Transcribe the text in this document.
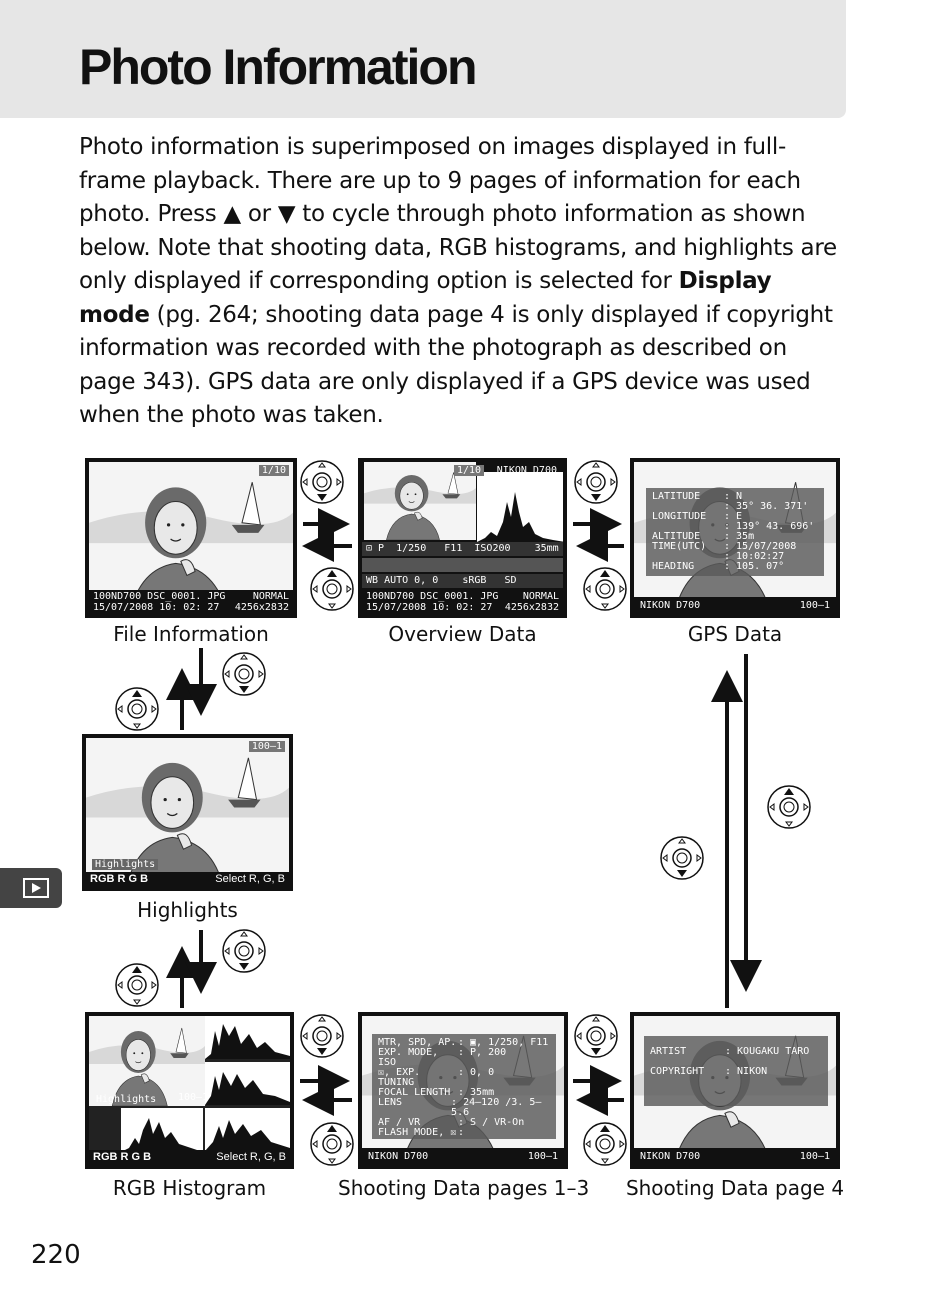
Photo Information

Photo information is superimposed on images displayed in full-frame playback. There are up to 9 pages of information for each photo. Press ▲ or ▼ to cycle through photo information as shown below. Note that shooting data, RGB histograms, and highlights are only displayed if corresponding option is selected for Display mode (pg. 264; shooting data page 4 is only displayed if copyright information was recorded with the photograph as described on page 343). GPS data are only displayed if a GPS device was used when the photo was taken.

1/10
100ND700 DSC_0001. JPG	NORMAL
15/07/2008 10: 02: 27 4256x2832
File Information
1/10	NIKON D700
⊡ P  1/250 F11  ISO200 35mm
WB AUTO 0, 0 sRGB SD
100ND700 DSC_0001. JPG NORMAL
15/07/2008 10: 02: 27 4256x2832
Overview Data
LATITUDE	: N
: 35° 36. 371'
LONGITUDE	: E
: 139° 43. 696'
ALTITUDE	: 35m
TIME(UTC)	: 15/07/2008
: 10:02:27
HEADING	: 105. 07°
NIKON D700	100–1
GPS Data
100–1
Highlights
RGB R G B	Select R, G, B
Highlights
Highlights	100–1
RGB R G B	Select R, G, B
RGB Histogram
MTR, SPD, AP. : ▣, 1/250, F11
EXP. MODE, ISO
: P, 200
☒, EXP. TUNING
: 0, 0
FOCAL LENGTH : 35mm
LENS	: 24–120 /3. 5–5.6
AF / VR	: S / VR-On
FLASH MODE, ☒ :
NIKON D700	100–1
Shooting Data pages 1–3
ARTIST	: KOUGAKU TARO
COPYRIGHT	: NIKON
NIKON D700	100–1
Shooting Data page 4
220
